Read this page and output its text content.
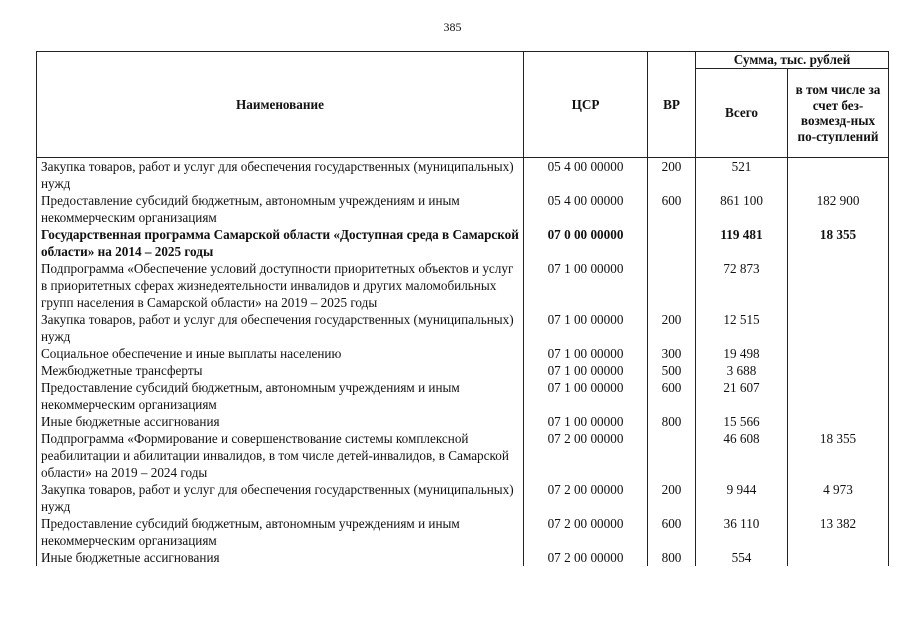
385
Наименование	ЦСР	ВР	Сумма, тыс. рублей	
			Всего	в том числе за счет без-возмезд-ных по-ступлений
Закупка товаров, работ и услуг для обеспечения государственных (муниципальных) нужд	05 4 00 00000	200	521	
Предоставление субсидий бюджетным, автономным учреждениям и иным некоммерческим организациям	05 4 00 00000	600	861 100	182 900
Государственная программа Самарской области «Доступная среда в Самарской области» на 2014 – 2025 годы	07 0 00 00000		119 481	18 355
Подпрограмма «Обеспечение условий доступности приоритетных объектов и услуг в приоритетных сферах жизнедеятельности инвалидов и других маломобильных групп населения в Самарской области» на 2019 – 2025 годы	07 1 00 00000		72 873	
Закупка товаров, работ и услуг для обеспечения государственных (муниципальных) нужд	07 1 00 00000	200	12 515	
Социальное обеспечение и иные выплаты населению	07 1 00 00000	300	19 498	
Межбюджетные трансферты	07 1 00 00000	500	3 688	
Предоставление субсидий бюджетным, автономным учреждениям и иным некоммерческим организациям	07 1 00 00000	600	21 607	
Иные бюджетные ассигнования	07 1 00 00000	800	15 566	
Подпрограмма «Формирование и совершенствование системы комплексной реабилитации и абилитации инвалидов, в том числе детей-инвалидов, в Самарской области» на 2019 – 2024 годы	07 2 00 00000		46 608	18 355
Закупка товаров, работ и услуг для обеспечения государственных (муниципальных) нужд	07 2 00 00000	200	9 944	4 973
Предоставление субсидий бюджетным, автономным учреждениям и иным некоммерческим организациям	07 2 00 00000	600	36 110	13 382
Иные бюджетные ассигнования	07 2 00 00000	800	554	
